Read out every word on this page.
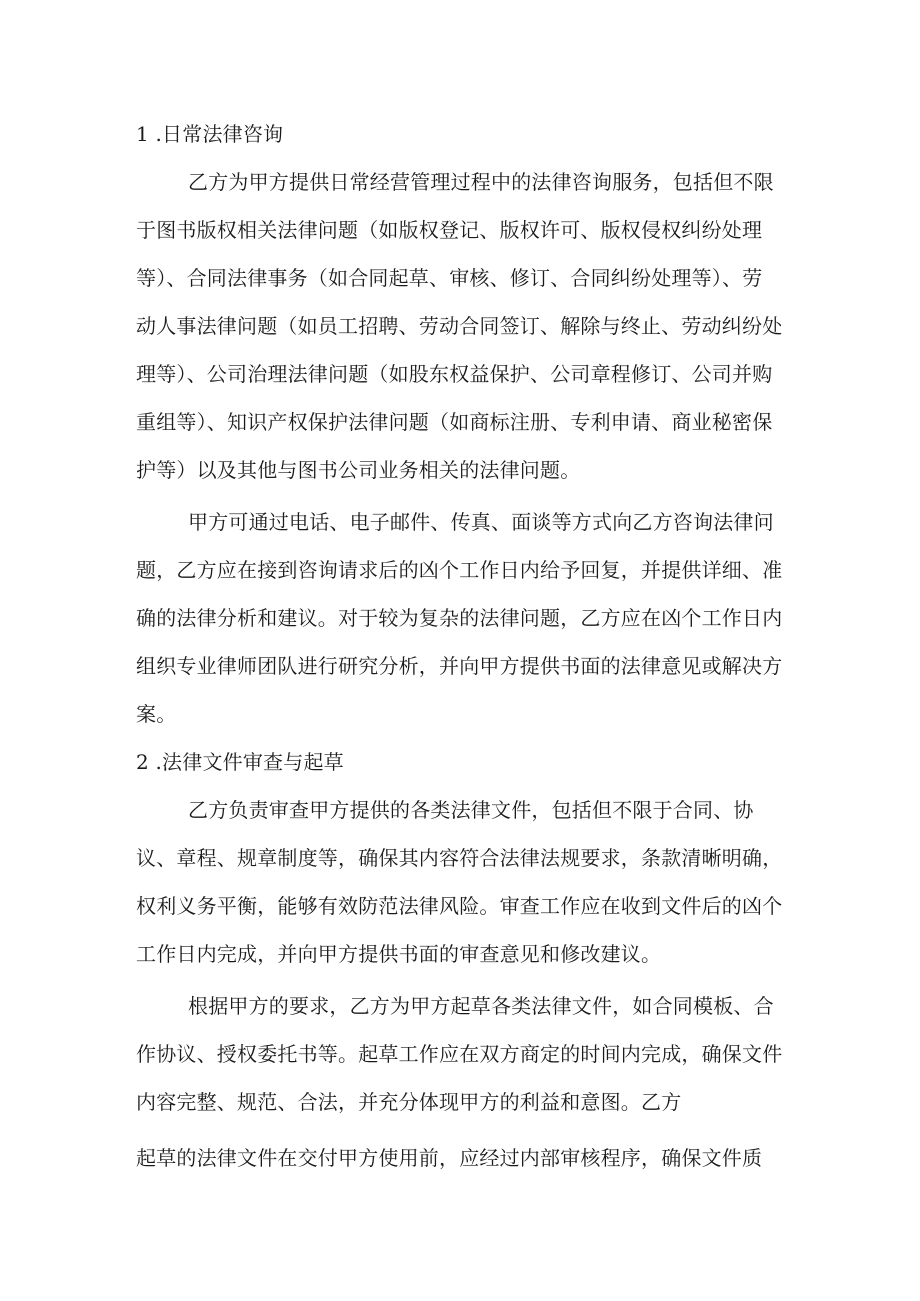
1 .日常法律咨询
乙方为甲方提供日常经营管理过程中的法律咨询服务，包括但不限
于图书版权相关法律问题（如版权登记、版权许可、版权侵权纠纷处理
等）、合同法律事务（如合同起草、审核、修订、合同纠纷处理等）、劳
动人事法律问题（如员工招聘、劳动合同签订、解除与终止、劳动纠纷处
理等）、公司治理法律问题（如股东权益保护、公司章程修订、公司并购
重组等）、知识产权保护法律问题（如商标注册、专利申请、商业秘密保
护等）以及其他与图书公司业务相关的法律问题。
甲方可通过电话、电子邮件、传真、面谈等方式向乙方咨询法律问
题，乙方应在接到咨询请求后的凶个工作日内给予回复，并提供详细、准
确的法律分析和建议。对于较为复杂的法律问题，乙方应在凶个工作日内
组织专业律师团队进行研究分析，并向甲方提供书面的法律意见或解决方
案。
2 .法律文件审查与起草
乙方负责审查甲方提供的各类法律文件，包括但不限于合同、协
议、章程、规章制度等，确保其内容符合法律法规要求，条款清晰明确，
权利义务平衡，能够有效防范法律风险。审查工作应在收到文件后的凶个
工作日内完成，并向甲方提供书面的审查意见和修改建议。
根据甲方的要求，乙方为甲方起草各类法律文件，如合同模板、合
作协议、授权委托书等。起草工作应在双方商定的时间内完成，确保文件
内容完整、规范、合法，并充分体现甲方的利益和意图。乙方
起草的法律文件在交付甲方使用前，应经过内部审核程序，确保文件质
